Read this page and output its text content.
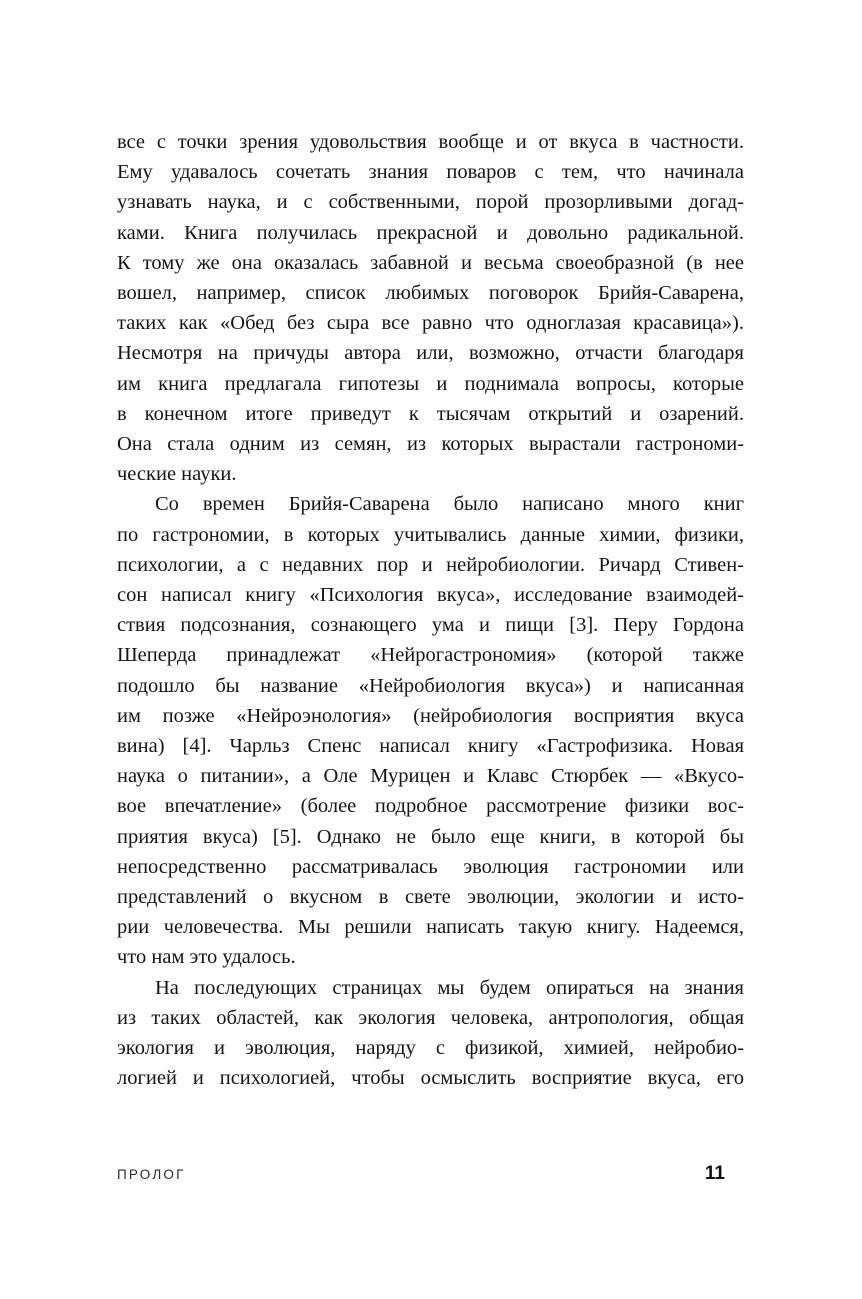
все с точки зрения удовольствия вообще и от вкуса в частности.
Ему удавалось сочетать знания поваров с тем, что начинала
узнавать наука, и с собственными, порой прозорливыми догад-
ками. Книга получилась прекрасной и довольно радикальной.
К тому же она оказалась забавной и весьма своеобразной (в нее
вошел, например, список любимых поговорок Брийя-Саварена,
таких как «Обед без сыра все равно что одноглазая красавица»).
Несмотря на причуды автора или, возможно, отчасти благодаря
им книга предлагала гипотезы и поднимала вопросы, которые
в конечном итоге приведут к тысячам открытий и озарений.
Она стала одним из семян, из которых вырастали гастрономи-
ческие науки.
Со времен Брийя-Саварена было написано много книг
по гастрономии, в которых учитывались данные химии, физики,
психологии, а с недавних пор и нейробиологии. Ричард Стивен-
сон написал книгу «Психология вкуса», исследование взаимодей-
ствия подсознания, сознающего ума и пищи [3]. Перу Гордона
Шеперда принадлежат «Нейрогастрономия» (которой также
подошло бы название «Нейробиология вкуса») и написанная
им позже «Нейроэнология» (нейробиология восприятия вкуса
вина) [4]. Чарльз Спенс написал книгу «Гастрофизика. Новая
наука о питании», а Оле Мурицен и Клавс Стюрбек — «Вкусо-
вое впечатление» (более подробное рассмотрение физики вос-
приятия вкуса) [5]. Однако не было еще книги, в которой бы
непосредственно рассматривалась эволюция гастрономии или
представлений о вкусном в свете эволюции, экологии и исто-
рии человечества. Мы решили написать такую книгу. Надеемся,
что нам это удалось.
На последующих страницах мы будем опираться на знания
из таких областей, как экология человека, антропология, общая
экология и эволюция, наряду с физикой, химией, нейробио-
логией и психологией, чтобы осмыслить восприятие вкуса, его
ПРОЛОГ	11
